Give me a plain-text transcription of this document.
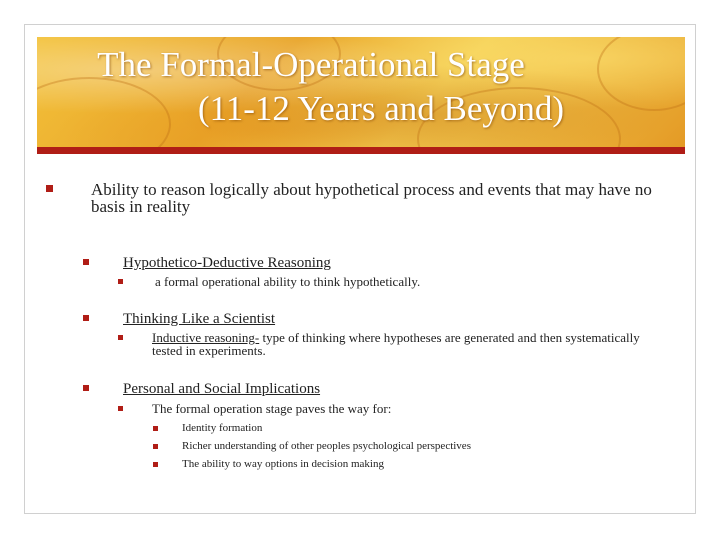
The Formal-Operational Stage
(11-12 Years and Beyond)
Ability to reason logically about hypothetical process and events that may have no basis in reality
Hypothetico-Deductive Reasoning
a formal operational ability to think hypothetically.
Thinking Like a Scientist
Inductive reasoning- type of thinking where hypotheses are generated and then systematically tested in experiments.
Personal and Social Implications
The formal operation stage paves the way for:
Identity formation
Richer understanding of other peoples psychological perspectives
The ability to way options in decision making
